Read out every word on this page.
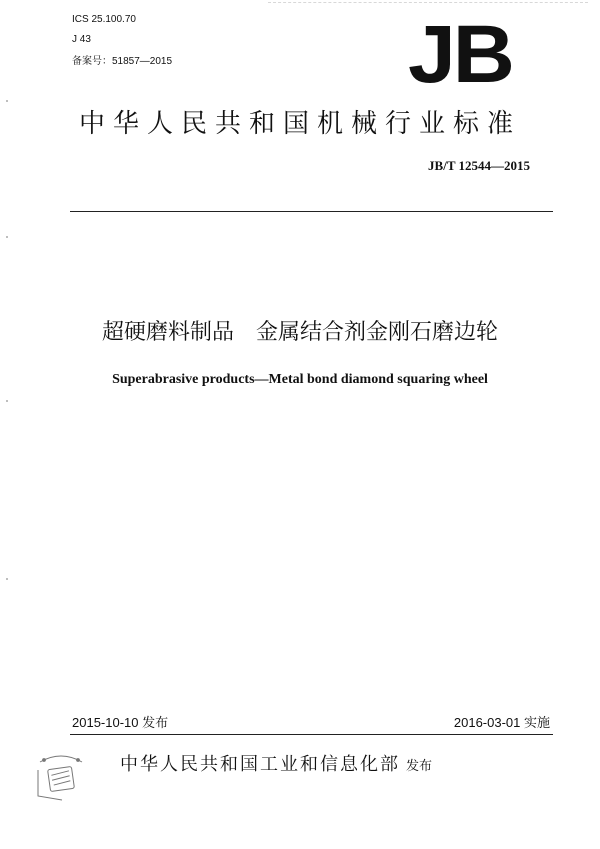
ICS 25.100.70
J 43
备案号：51857—2015	JB
中华人民共和国机械行业标准
JB/T 12544—2015
超硬磨料制品　金属结合剂金刚石磨边轮
Superabrasive products—Metal bond diamond squaring wheel
2015-10-10 发布	2016-03-01 实施
中华人民共和国工业和信息化部 发布
